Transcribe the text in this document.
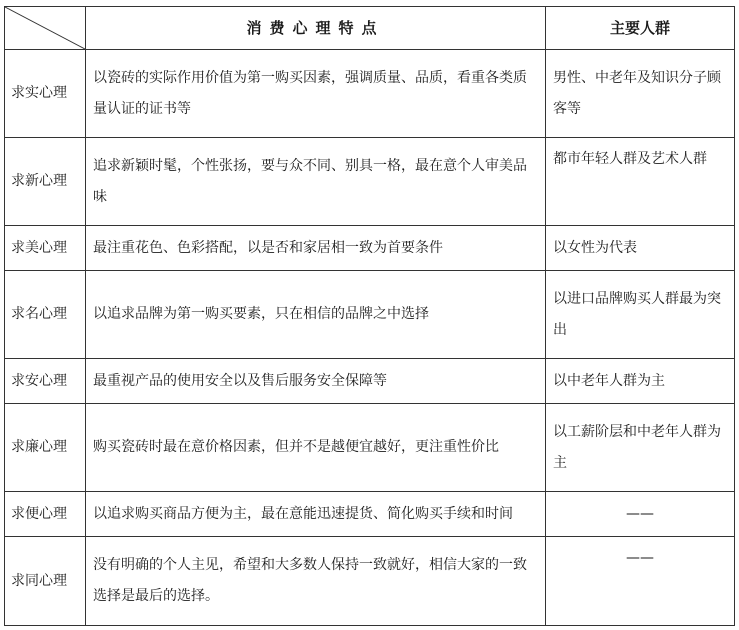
	消费心理特点	主要人群
求实心理	以瓷砖的实际作用价值为第一购买因素，强调质量、品质，看重各类质量认证的证书等	男性、中老年及知识分子顾客等
求新心理	追求新颖时髦，个性张扬，要与众不同、别具一格，最在意个人审美品味	都市年轻人群及艺术人群
求美心理	最注重花色、色彩搭配，以是否和家居相一致为首要条件	以女性为代表
求名心理	以追求品牌为第一购买要素，只在相信的品牌之中选择	以进口品牌购买人群最为突出
求安心理	最重视产品的使用安全以及售后服务安全保障等	以中老年人群为主
求廉心理	购买瓷砖时最在意价格因素，但并不是越便宜越好，更注重性价比	以工薪阶层和中老年人群为主
求便心理	以追求购买商品方便为主，最在意能迅速提货、简化购买手续和时间	——
求同心理	没有明确的个人主见，希望和大多数人保持一致就好，相信大家的一致选择是最后的选择。	——
